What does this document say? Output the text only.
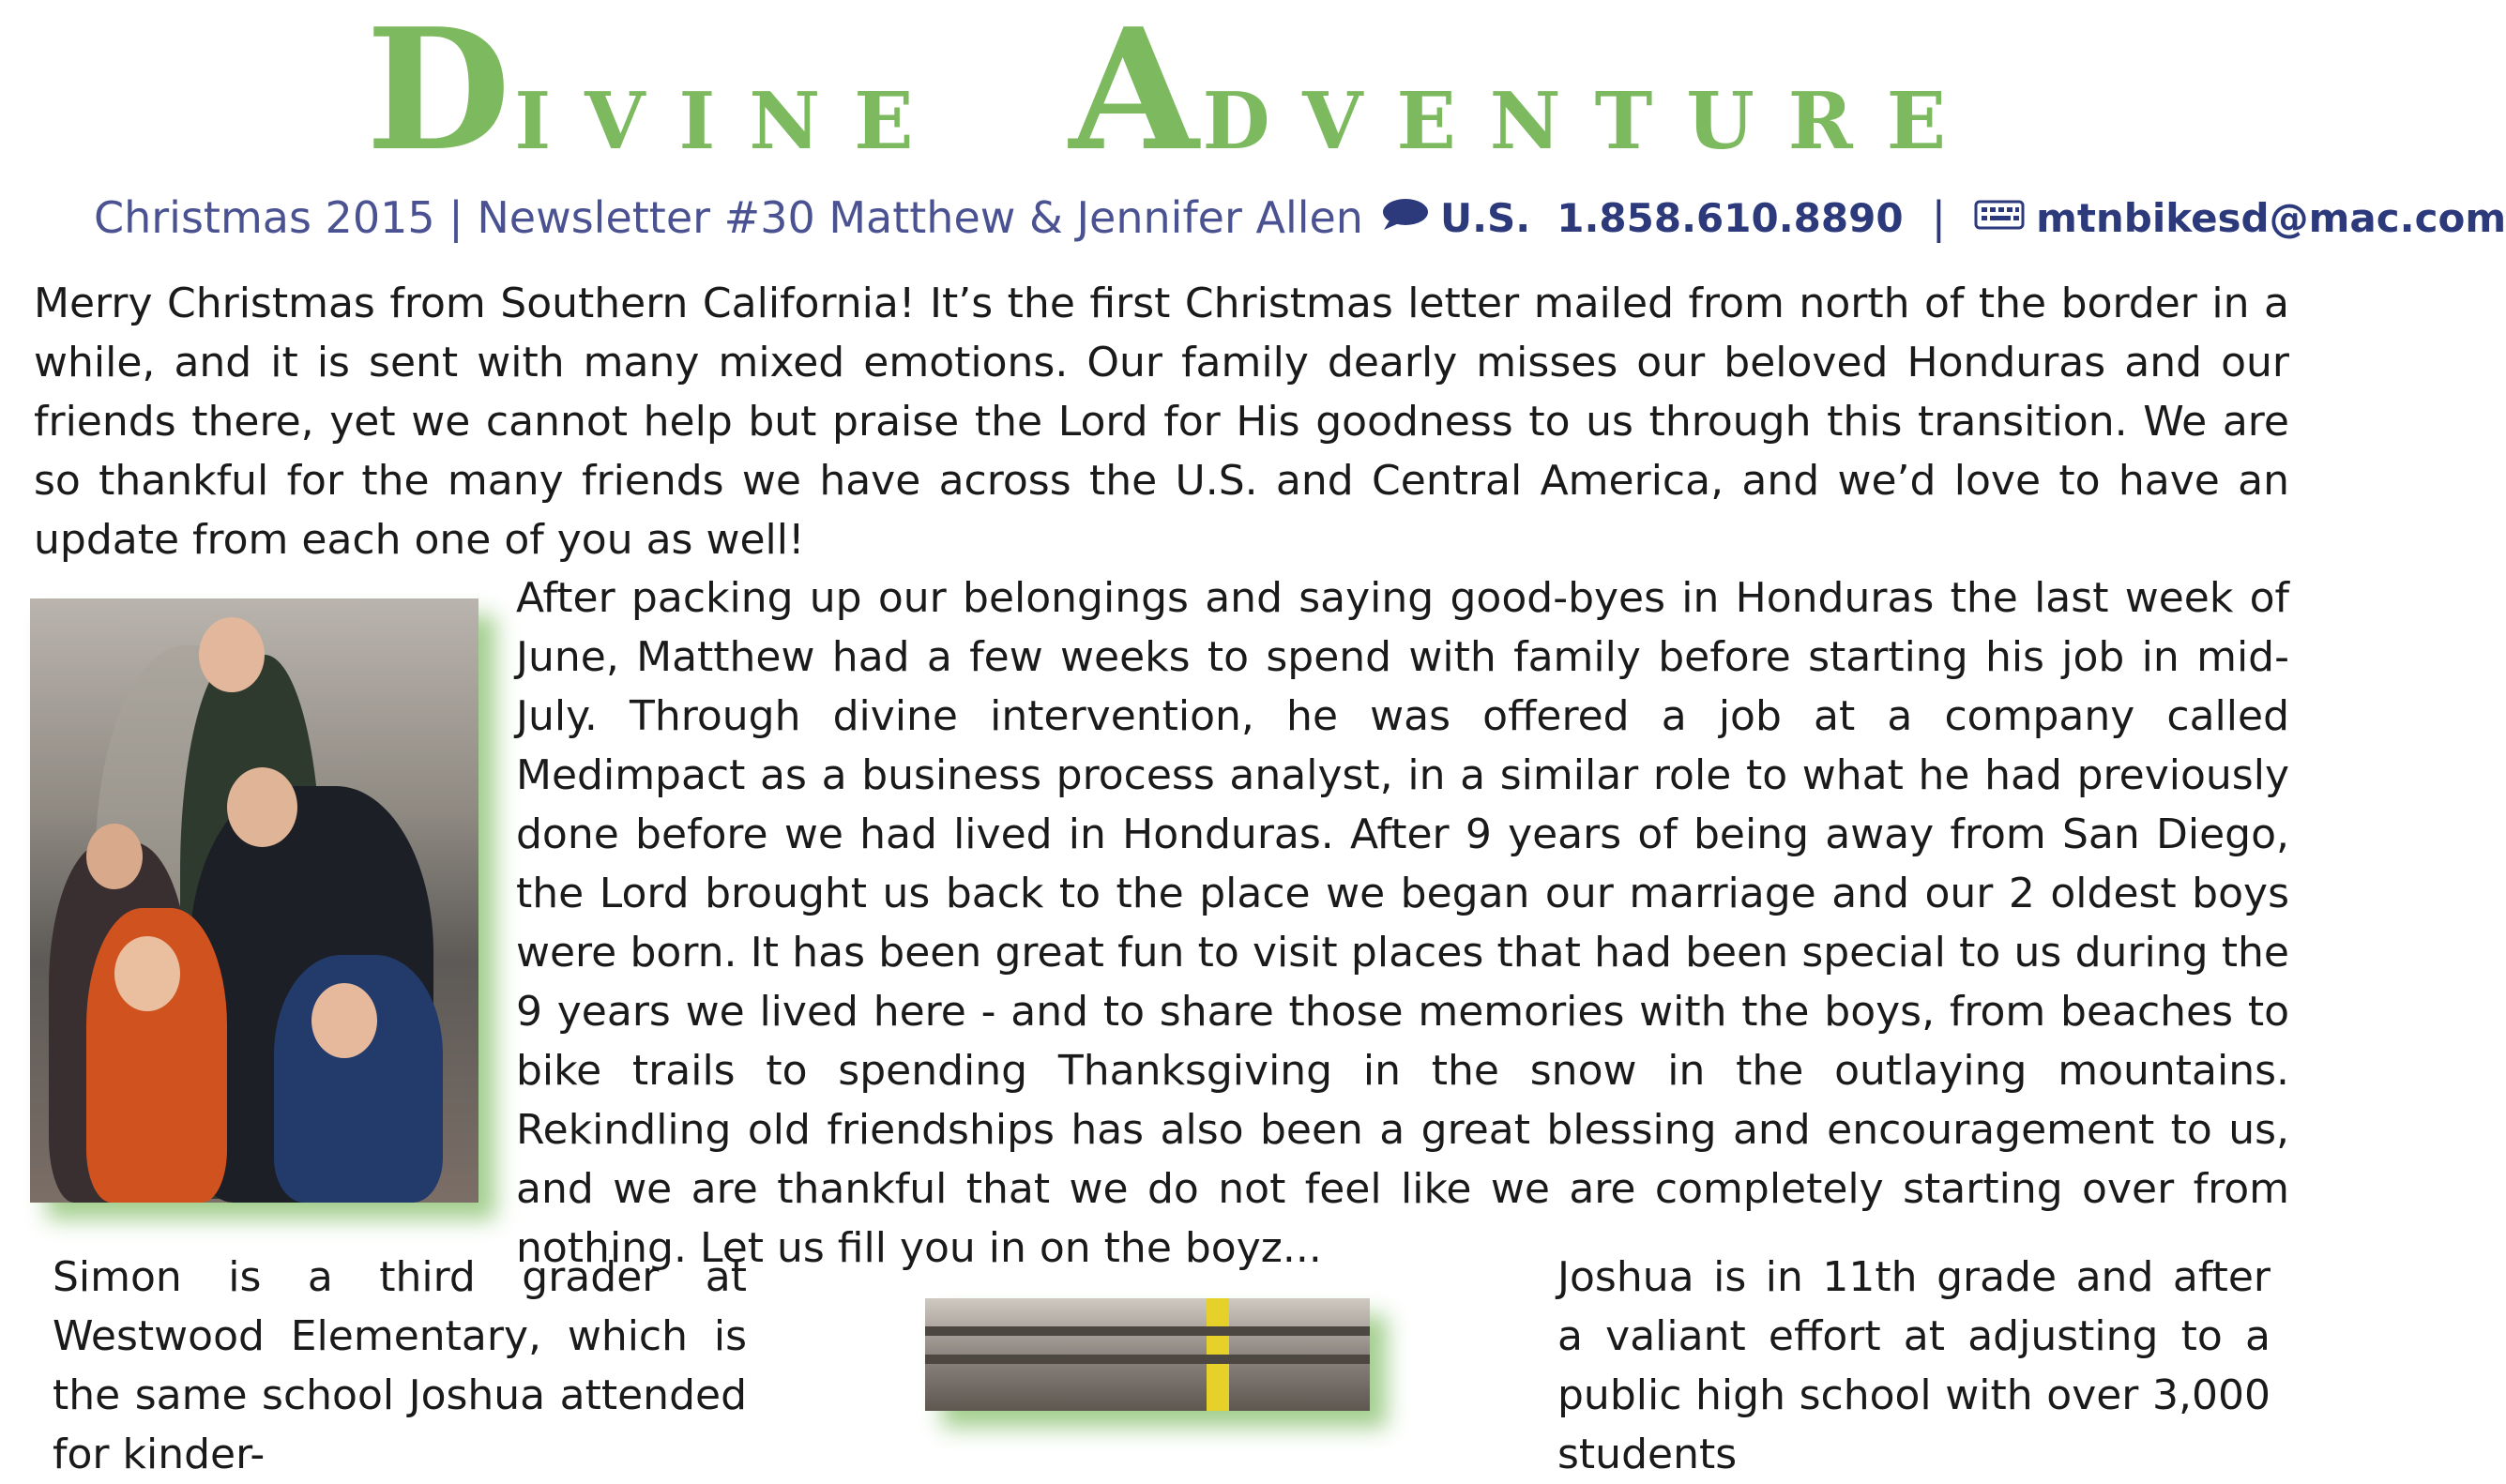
D ivine A dventure
Christmas 2015 | Newsletter #30 Matthew & Jennifer Allen U.S. 1.858.610.8890 | mtnbikesd@mac.com

Merry Christmas from Southern California! It’s the first Christmas letter mailed from north of the border in a while, and it is sent with many mixed emotions. Our family dearly misses our beloved Honduras and our friends there, yet we cannot help but praise the Lord for His goodness to us through this transition. We are so thankful for the many friends we have across the U.S. and Central America, and we’d love to have an update from each one of you as well!

After packing up our belongings and saying good-byes in Honduras the last week of June, Matthew had a few weeks to spend with family before starting his job in mid-July. Through divine intervention, he was offered a job at a company called Medimpact as a business process analyst, in a similar role to what he had previously done before we had lived in Honduras. After 9 years of being away from San Diego, the Lord brought us back to the place we began our marriage and our 2 oldest boys were born. It has been great fun to visit places that had been special to us during the 9 years we lived here - and to share those memories with the boys, from beaches to bike trails to spending Thanksgiving in the snow in the outlaying mountains. Rekindling old friendships has also been a great blessing and encouragement to us, and we are thankful that we do not feel like we are completely starting over from nothing. Let us fill you in on the boyz...

Simon is a third grader at Westwood Elementary, which is the same school Joshua attended for kinder-

Joshua is in 11th grade and after a valiant effort at adjusting to a public high school with over 3,000 students
